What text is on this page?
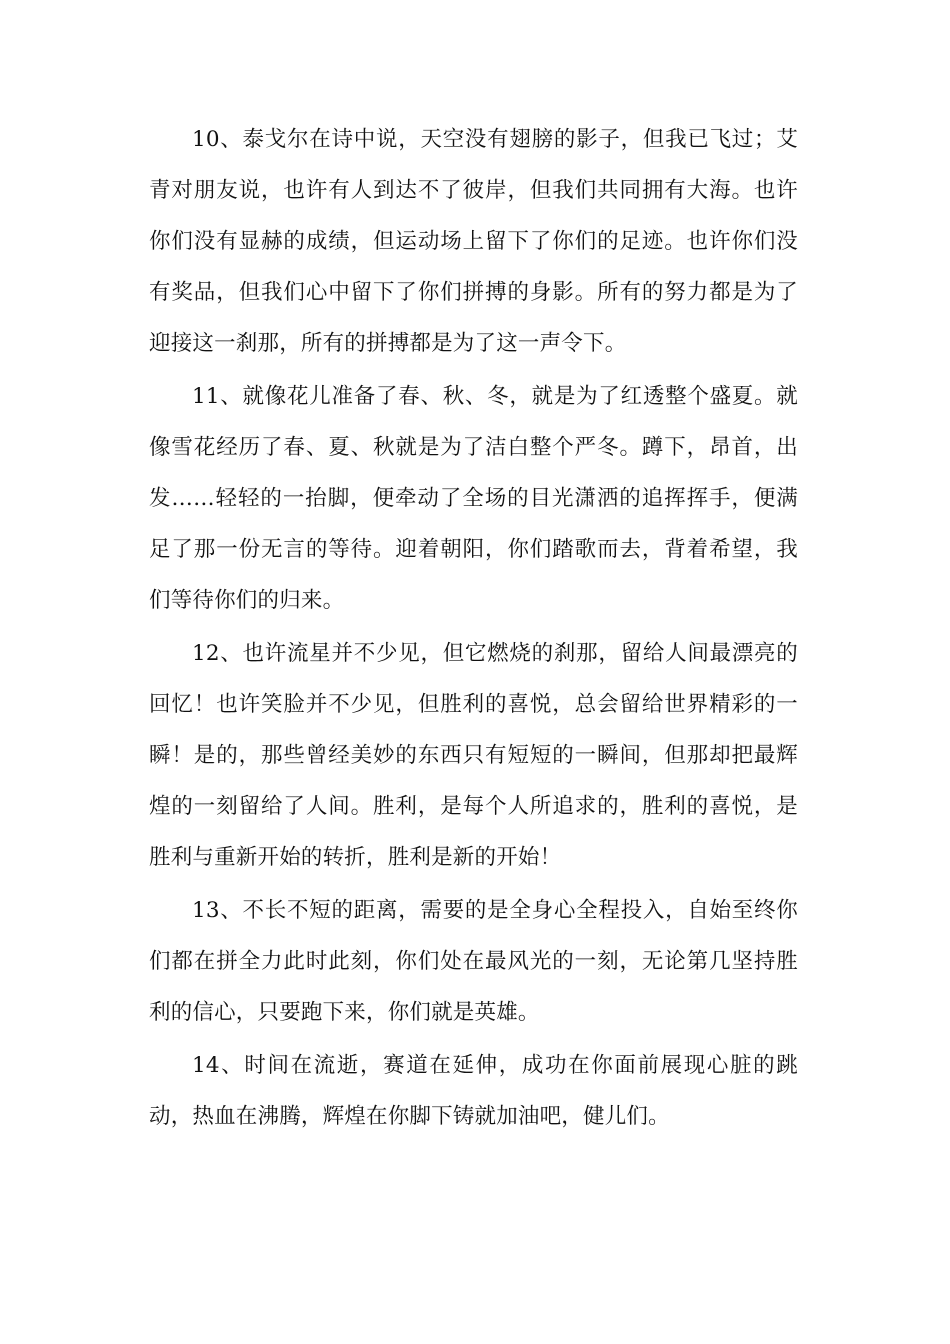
10、泰戈尔在诗中说，天空没有翅膀的影子，但我已飞过；艾青对朋友说，也许有人到达不了彼岸，但我们共同拥有大海。也许你们没有显赫的成绩，但运动场上留下了你们的足迹。也许你们没有奖品，但我们心中留下了你们拼搏的身影。所有的努力都是为了迎接这一刹那，所有的拼搏都是为了这一声令下。

11、就像花儿准备了春、秋、冬，就是为了红透整个盛夏。就像雪花经历了春、夏、秋就是为了洁白整个严冬。蹲下，昂首，出发……轻轻的一抬脚，便牵动了全场的目光潇洒的追挥挥手，便满足了那一份无言的等待。迎着朝阳，你们踏歌而去，背着希望，我们等待你们的归来。

12、也许流星并不少见，但它燃烧的刹那，留给人间最漂亮的回忆！也许笑脸并不少见，但胜利的喜悦，总会留给世界精彩的一瞬！是的，那些曾经美妙的东西只有短短的一瞬间，但那却把最辉煌的一刻留给了人间。胜利，是每个人所追求的，胜利的喜悦，是胜利与重新开始的转折，胜利是新的开始！

13、不长不短的距离，需要的是全身心全程投入，自始至终你们都在拼全力此时此刻，你们处在最风光的一刻，无论第几坚持胜利的信心，只要跑下来，你们就是英雄。

14、时间在流逝，赛道在延伸，成功在你面前展现心脏的跳动，热血在沸腾，辉煌在你脚下铸就加油吧，健儿们。
